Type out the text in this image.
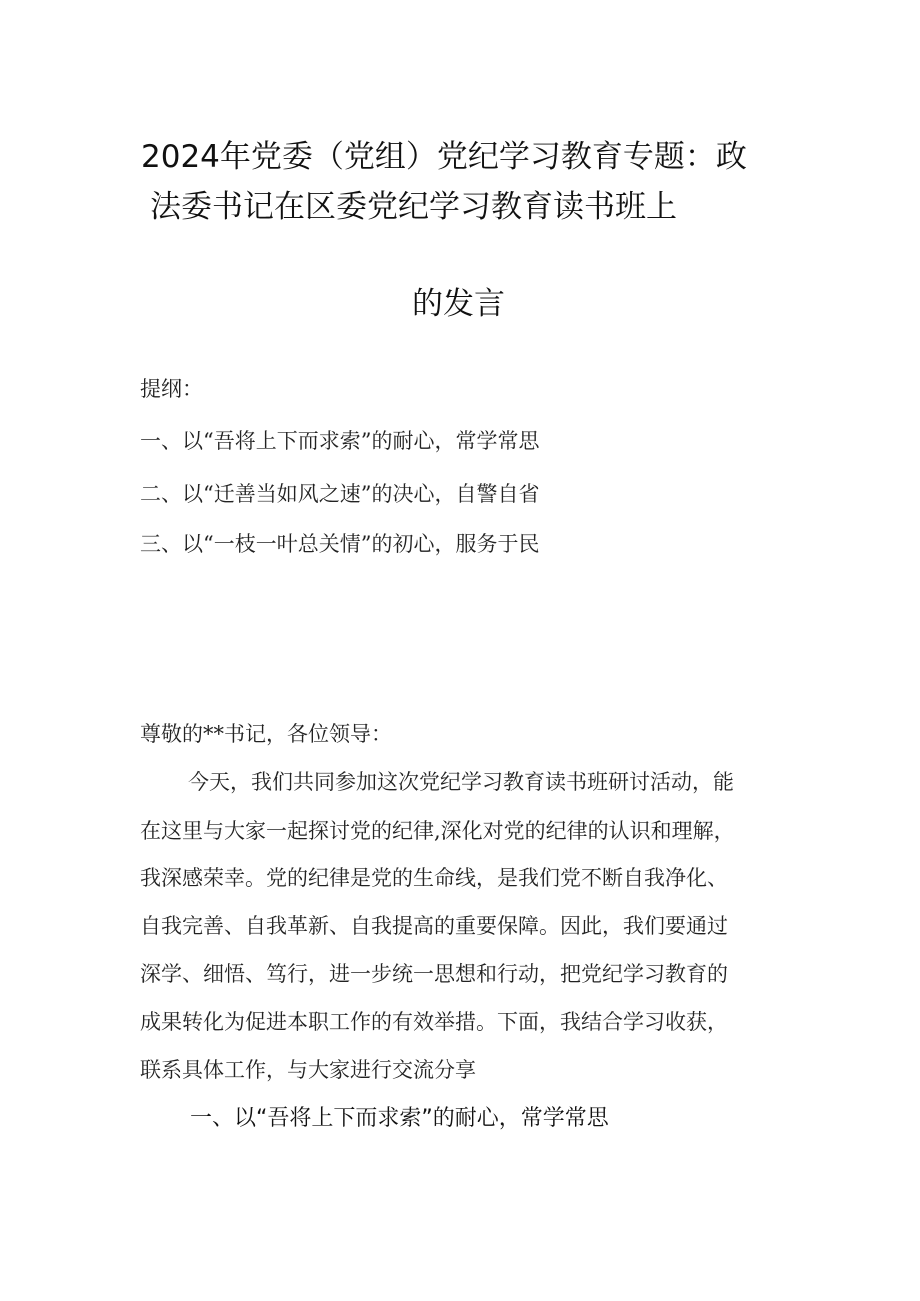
2024年党委（党组）党纪学习教育专题：政
法委书记在区委党纪学习教育读书班上
的发言
提纲：
一、以“吾将上下而求索”的耐心，常学常思
二、以“迁善当如风之速”的决心，自警自省
三、以“一枝一叶总关情”的初心，服务于民
尊敬的**书记，各位领导：
今天，我们共同参加这次党纪学习教育读书班研讨活动，能
在这里与大家一起探讨党的纪律,深化对党的纪律的认识和理解，
我深感荣幸。党的纪律是党的生命线，是我们党不断自我净化、
自我完善、自我革新、自我提高的重要保障。因此，我们要通过
深学、细悟、笃行，进一步统一思想和行动，把党纪学习教育的
成果转化为促进本职工作的有效举措。下面，我结合学习收获，
联系具体工作，与大家进行交流分享
一、以“吾将上下而求索”的耐心，常学常思
